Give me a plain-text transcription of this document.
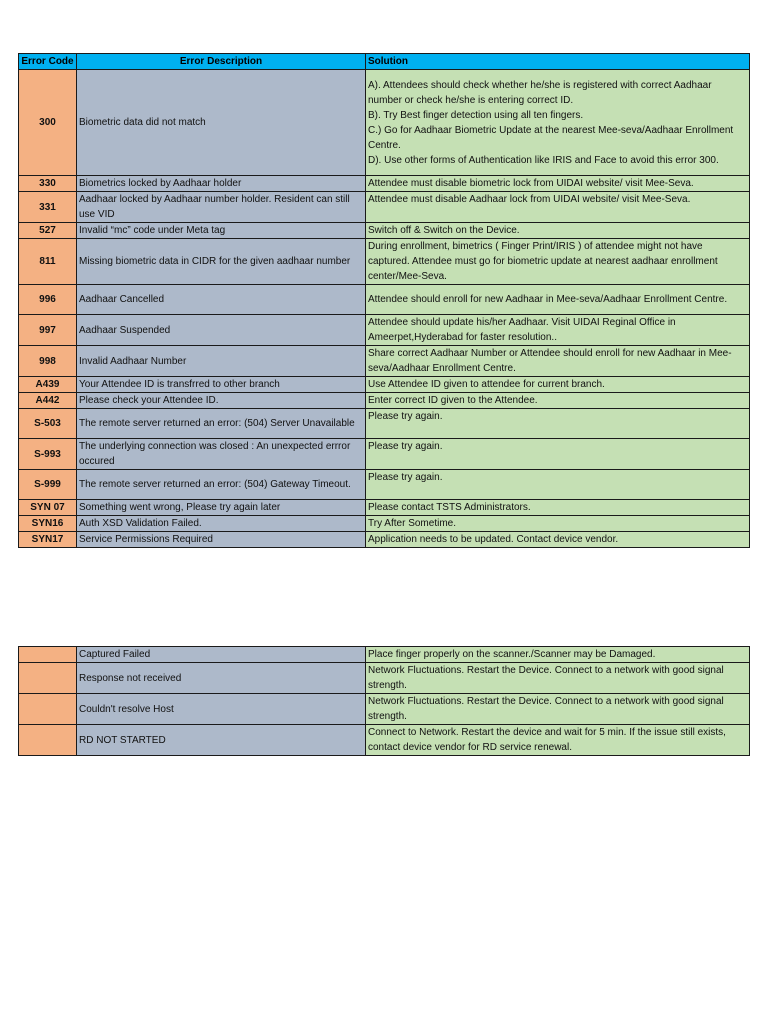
Error Code	Error Description	Solution
300	Biometric data did not match	A). Attendees should check whether he/she is registered with correct Aadhaar number or check he/she is entering correct ID.
B). Try Best finger detection using all ten fingers.
C.) Go for Aadhaar Biometric Update at the nearest Mee-seva/Aadhaar Enrollment Centre.
D). Use other forms of Authentication like IRIS and Face to avoid this error 300.
330	Biometrics locked by Aadhaar holder	Attendee must disable biometric lock from UIDAI website/ visit Mee-Seva.
331	Aadhaar locked by Aadhaar number holder. Resident can still use VID	Attendee must disable Aadhaar lock from UIDAI website/ visit Mee-Seva.
527	Invalid “mc” code under Meta tag	Switch off & Switch on the Device.
811	Missing biometric data in CIDR for the given aadhaar number	During enrollment, bimetrics ( Finger Print/IRIS ) of attendee might not have captured. Attendee must go for biometric update at nearest aadhaar enrollment center/Mee-Seva.
996	Aadhaar Cancelled	Attendee should enroll for new Aadhaar in Mee-seva/Aadhaar Enrollment Centre.
997	Aadhaar Suspended	Attendee should update his/her Aadhaar. Visit UIDAI Reginal Office in Ameerpet,Hyderabad for faster resolution..
998	Invalid Aadhaar Number	Share correct Aadhaar Number or Attendee should enroll for new Aadhaar in Mee-seva/Aadhaar Enrollment Centre.
A439	Your Attendee ID is transfrred to other branch	Use Attendee ID given to attendee for current branch.
A442	Please check your Attendee ID.	Enter correct ID given to the Attendee.
S-503	The remote server returned an error: (504) Server Unavailable	Please try again.
S-993	The underlying connection was closed : An unexpected errror occured	Please try again.
S-999	The remote server returned an error: (504) Gateway Timeout.	Please try again.
SYN 07	Something went wrong, Please try again later	Please contact TSTS Administrators.
SYN16	Auth XSD Validation Failed.	Try After Sometime.
SYN17	Service Permissions Required	Application needs to be updated. Contact device vendor.
	Captured Failed	Place finger properly on the scanner./Scanner may be Damaged.
	Response not received	Network Fluctuations. Restart the Device. Connect to a network with good signal strength.
	Couldn't resolve Host	Network Fluctuations. Restart the Device. Connect to a network with good signal strength.
	RD NOT STARTED	Connect to Network. Restart the device and wait for 5 min. If the issue still exists, contact device vendor for RD service renewal.
